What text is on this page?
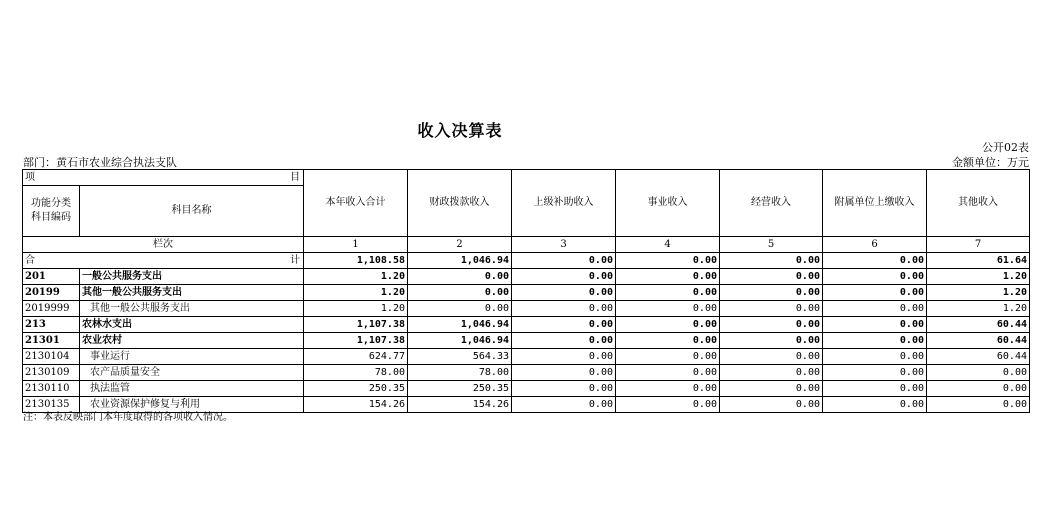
收入决算表
公开02表
部门：黄石市农业综合执法支队	金额单位：万元
项 目		本年收入合计	财政拨款收入	上级补助收入	事业收入	经营收入	附属单位上缴收入	其他收入
功能分类
科目编码	科目名称							
栏次		1	2	3	4	5	6	7
合 计		1,108.58	1,046.94	0.00	0.00	0.00	0.00	61.64
201	一般公共服务支出	1.20	0.00	0.00	0.00	0.00	0.00	1.20
20199	其他一般公共服务支出	1.20	0.00	0.00	0.00	0.00	0.00	1.20
2019999	其他一般公共服务支出	1.20	0.00	0.00	0.00	0.00	0.00	1.20
213	农林水支出	1,107.38	1,046.94	0.00	0.00	0.00	0.00	60.44
21301	农业农村	1,107.38	1,046.94	0.00	0.00	0.00	0.00	60.44
2130104	事业运行	624.77	564.33	0.00	0.00	0.00	0.00	60.44
2130109	农产品质量安全	78.00	78.00	0.00	0.00	0.00	0.00	0.00
2130110	执法监管	250.35	250.35	0.00	0.00	0.00	0.00	0.00
2130135	农业资源保护修复与利用	154.26	154.26	0.00	0.00	0.00	0.00	0.00
注：本表反映部门本年度取得的各项收入情况。
